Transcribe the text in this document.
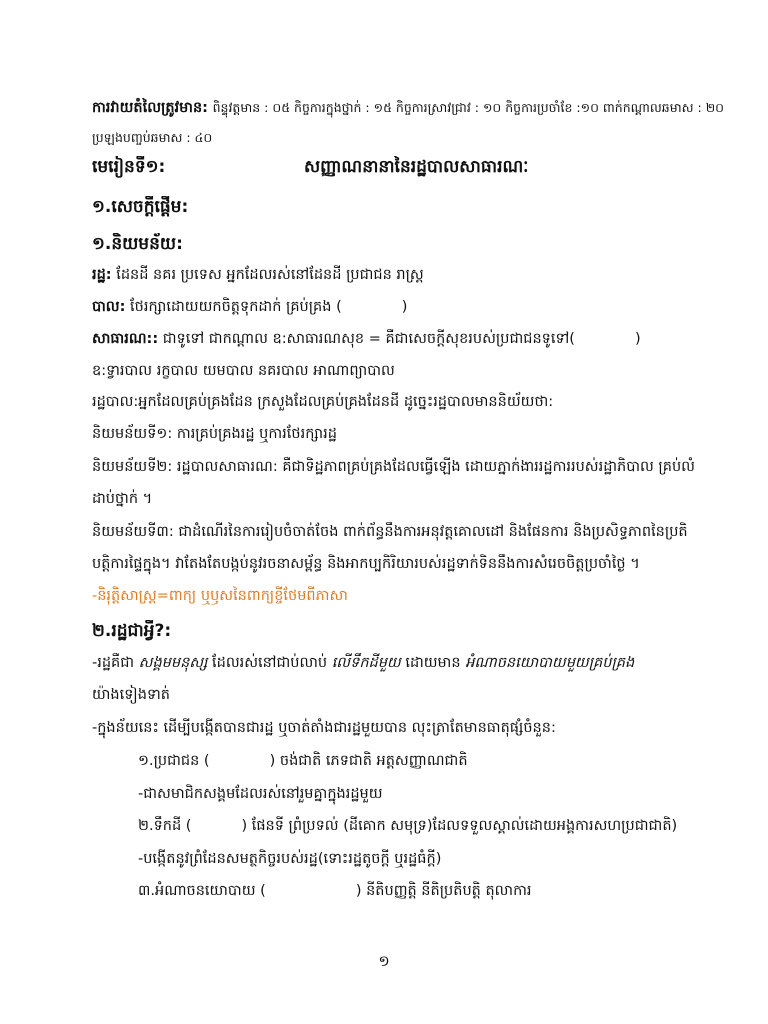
ការវាយតំលៃត្រូវមាន: ពិន្ទុវត្តមាន : ០៥ កិច្ចការក្នុងថ្នាក់ : ១៥ កិច្ចការស្រាវជ្រាវ : ១០ កិច្ចការប្រចាំខែ :១០ ពាក់កណ្ដាលឆមាស : ២០
ប្រឡងបញ្ចប់ឆមាស : ៤០
មេរៀនទី១:	សញ្ញាណនានានៃរដ្ឋបាលសាធារណៈ
១.សេចក្ដីផ្ដើម:
១.និយមន័យ:
រដ្ឋ: ដែនដី នគរ ប្រទេស អ្នកដែលរស់នៅដែនដី ប្រជាជន រាស្រ្ត
បាល: ថែរក្សាដោយយកចិត្តទុកដាក់ គ្រប់គ្រង (	)
សាធារណ:: ជាទូទៅ ជាកណ្ដាល ឧ:សាធារណសុខ = គឺជាសេចក្ដីសុខរបស់ប្រជាជនទូទៅ(	)
ឧ:ទ្វារបាល រក្ខបាល យមបាល នគរបាល អាណាព្យាបាល
រដ្ឋបាល:អ្នកដែលគ្រប់គ្រងដែន ក្រសួងដែលគ្រប់គ្រងដែនដី ដូច្នេះរដ្ឋបាលមាននិយ័យថា:
និយមន័យទី១: ការគ្រប់គ្រងរដ្ឋ ឬការថែរក្សារដ្ឋ
និយមន័យទី២: រដ្ឋបាលសាធារណ: គឺជាទិដ្ឋភាពគ្រប់គ្រងដែលធ្វើឡើង ដោយភ្នាក់ងាររដ្ឋការរបស់រដ្ឋាភិបាល គ្រប់លំ
ដាប់ថ្នាក់ ។
និយមន័យទី៣: ជាដំណើរនៃការរៀបចំចាត់ចែង ពាក់ព័ន្ធនឹងការអនុវត្តគោលដៅ និងផែនការ និងប្រសិទ្ធភាពនៃប្រតិ
បត្តិការផ្ទៃក្នុង។ វាតែងតែបង្កប់នូវរចនាសម្ព័ន្ធ និងអាកប្បកិរិយារបស់រដ្ឋទាក់ទិននឹងការសំរេចចិត្តប្រចាំថ្ងៃ ។
-និរុត្តិសាស្រ្ត=ពាក្យ ឬឫសនៃពាក្យខ្ចីថែមពីភាសា
២.រដ្ឋជាអ្វី?:
-រដ្ឋគឺជា សង្គមមនុស្ស ដែលរស់នៅជាប់លាប់ លើទឹកដីមួយ ដោយមាន អំណាចនយោបាយមួយគ្រប់គ្រង
យ៉ាងទៀងទាត់
-ក្នុងន័យនេះ ដើម្បីបង្កើតបានជារដ្ឋ ឬចាត់តាំងជារដ្ឋមួយបាន លុះត្រាតែមានធាតុផ្សំចំនួន:
១.ប្រជាជន (	) ចង់ជាតិ ភេទជាតិ អត្តសញ្ញាណជាតិ
-ជាសមាជិកសង្គមដែលរស់នៅរួមគ្នាក្នុងរដ្ឋមួយ
២.ទឹកដី (	) ផែនទី ព្រំប្រទល់ (ដីគោក សមុទ្រ)ដែលទទួលស្គាល់ដោយអង្គការសហប្រជាជាតិ)
-បង្កើតនូវព្រំដែនសមត្ថកិច្ចរបស់រដ្ឋ(ទោះរដ្ឋតូចក្ដី ឬរដ្ឋធំក្ដី)
៣.អំណាចនយោបាយ (	) នីតិបញ្ញត្តិ នីតិប្រតិបត្តិ តុលាការ
១
